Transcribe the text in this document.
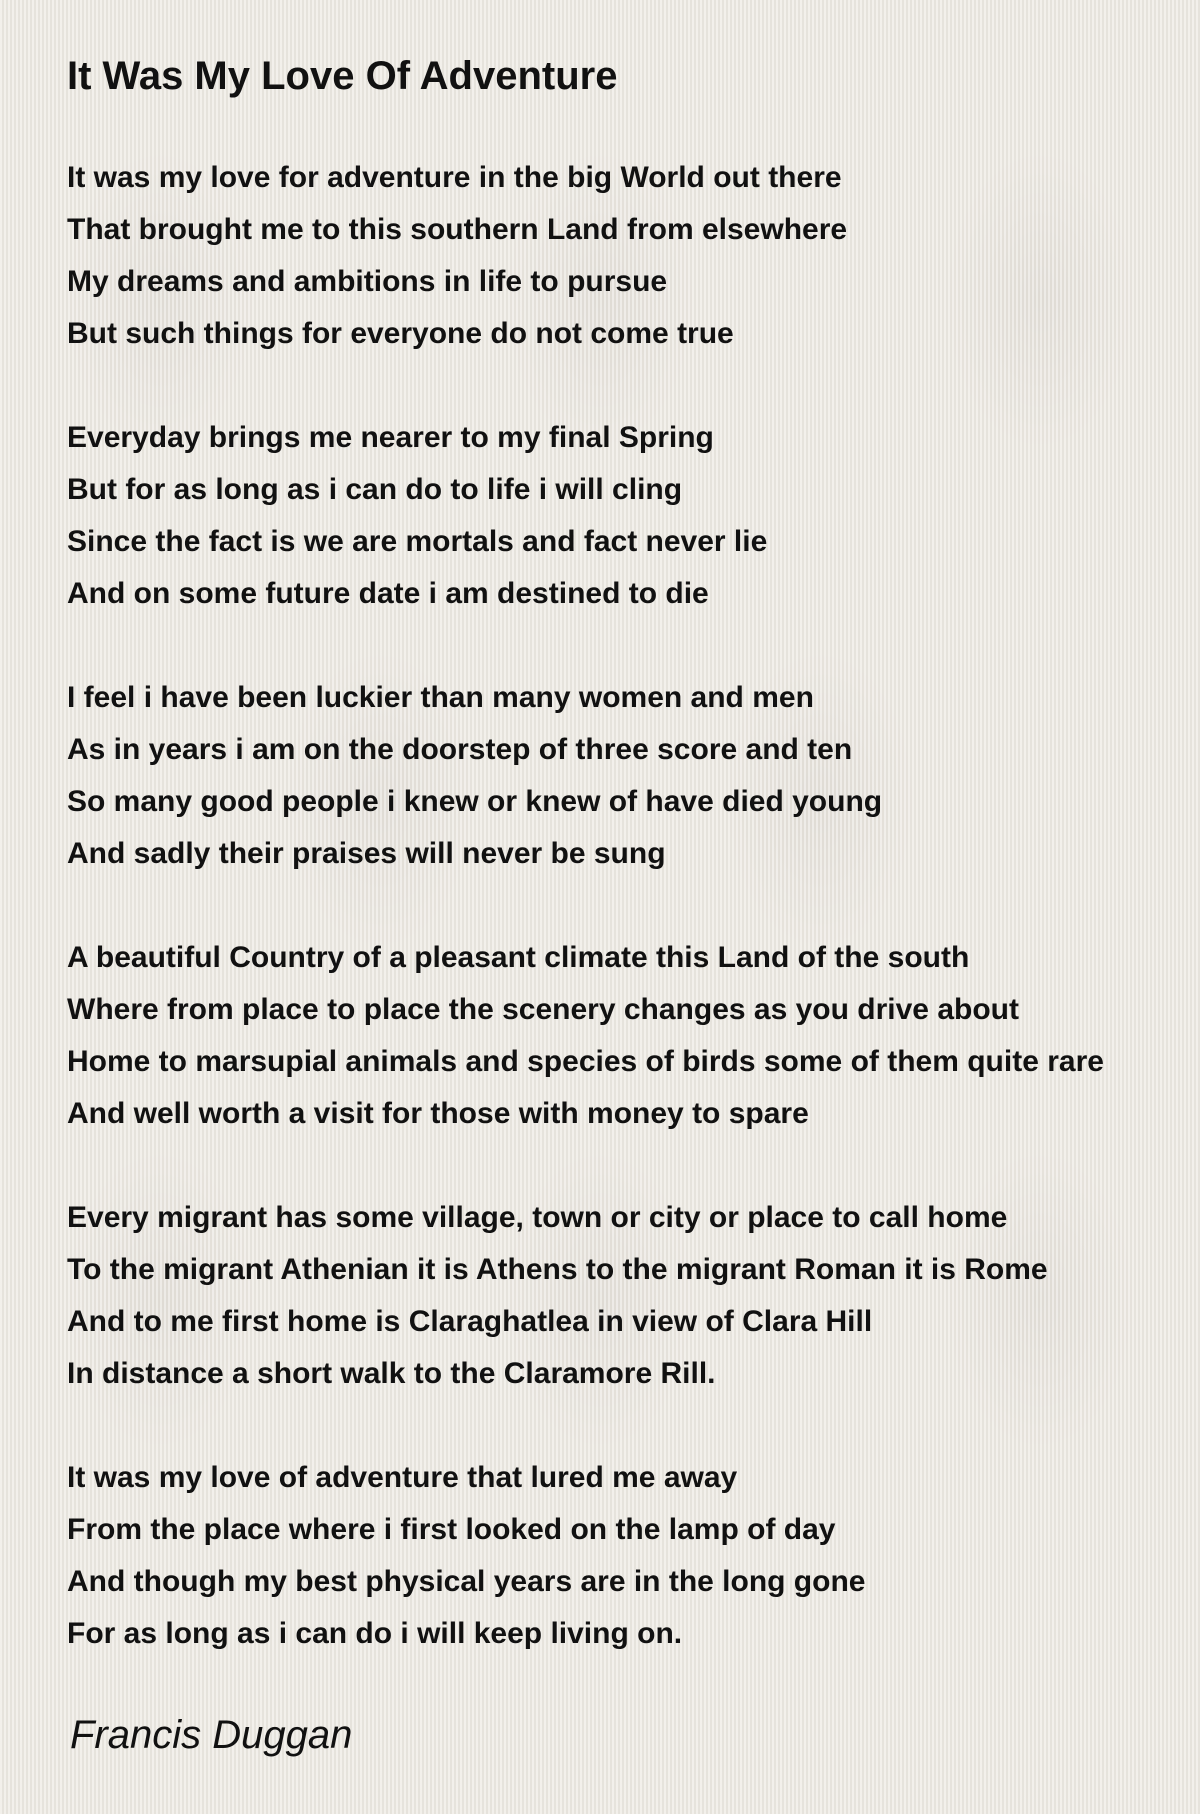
It Was My Love Of Adventure
It was my love for adventure in the big World out there
That brought me to this southern Land from elsewhere
My dreams and ambitions in life to pursue
But such things for everyone do not come true
Everyday brings me nearer to my final Spring
But for as long as i can do to life i will cling
Since the fact is we are mortals and fact never lie
And on some future date i am destined to die
I feel i have been luckier than many women and men
As in years i am on the doorstep of three score and ten
So many good people i knew or knew of have died young
And sadly their praises will never be sung
A beautiful Country of a pleasant climate this Land of the south
Where from place to place the scenery changes as you drive about
Home to marsupial animals and species of birds some of them quite rare
And well worth a visit for those with money to spare
Every migrant has some village, town or city or place to call home
To the migrant Athenian it is Athens to the migrant Roman it is Rome
And to me first home is Claraghatlea in view of Clara Hill
In distance a short walk to the Claramore Rill.
It was my love of adventure that lured me away
From the place where i first looked on the lamp of day
And though my best physical years are in the long gone
For as long as i can do i will keep living on.
Francis Duggan
